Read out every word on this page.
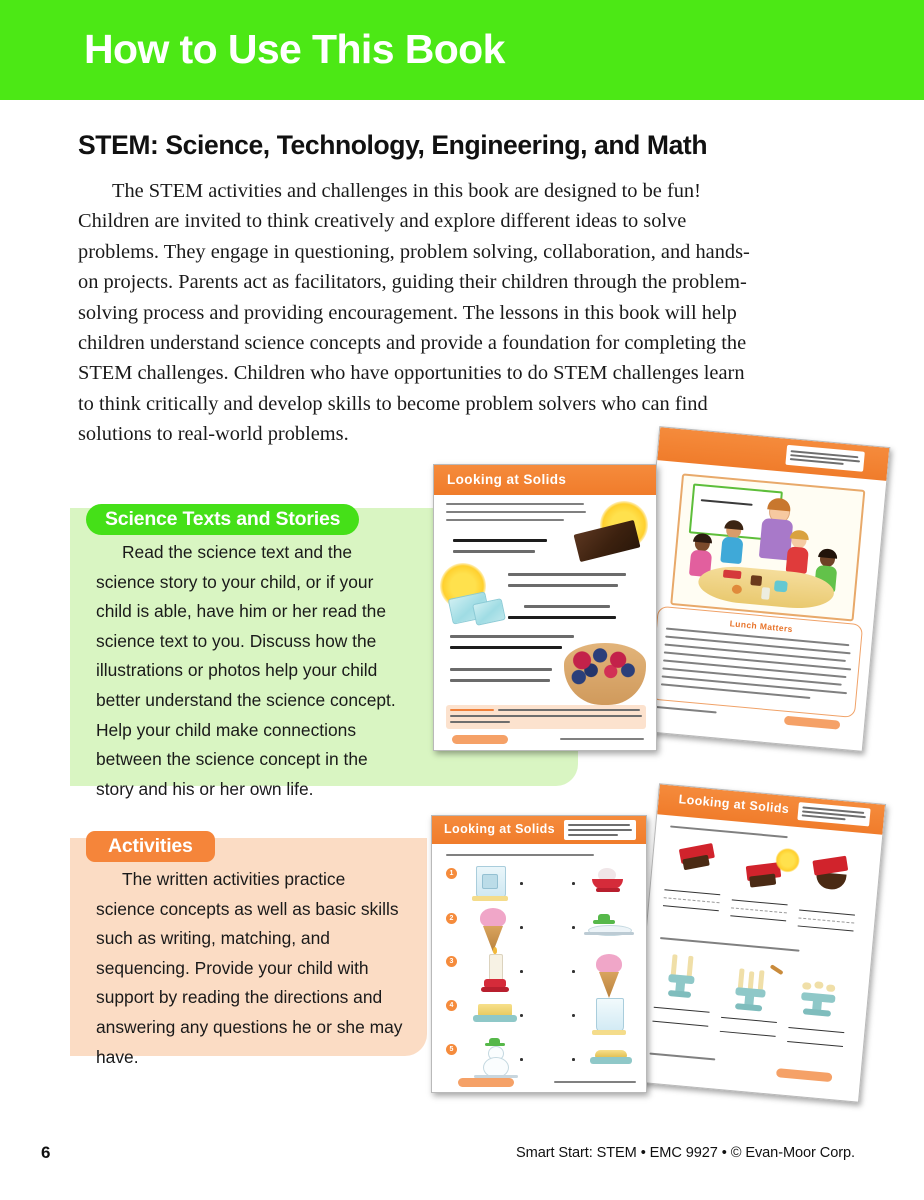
How to Use This Book
STEM: Science, Technology, Engineering, and Math
The STEM activities and challenges in this book are designed to be fun! Children are invited to think creatively and explore different ideas to solve problems. They engage in questioning, problem solving, collaboration, and hands-on projects. Parents act as facilitators, guiding their children through the problem-solving process and providing encouragement. The lessons in this book will help children understand science concepts and provide a foundation for completing the STEM challenges. Children who have opportunities to do STEM challenges learn to think critically and develop skills to become problem solvers who can find solutions to real-world problems.
Science Texts and Stories
Read the science text and the science story to your child, or if your child is able, have him or her read the science text to you. Discuss how the illustrations or photos help your child better understand the science concept. Help your child make connections between the science concept in the story and his or her own life.
Activities
The written activities practice science concepts as well as basic skills such as writing, matching, and sequencing. Provide your child with support by reading the directions and answering any questions he or she may have.
Lunch Matters
Looking at Solids
Looking at Solids
Looking at Solids
1
2
3
4
5
6	Smart Start: STEM • EMC 9927 • © Evan-Moor Corp.
